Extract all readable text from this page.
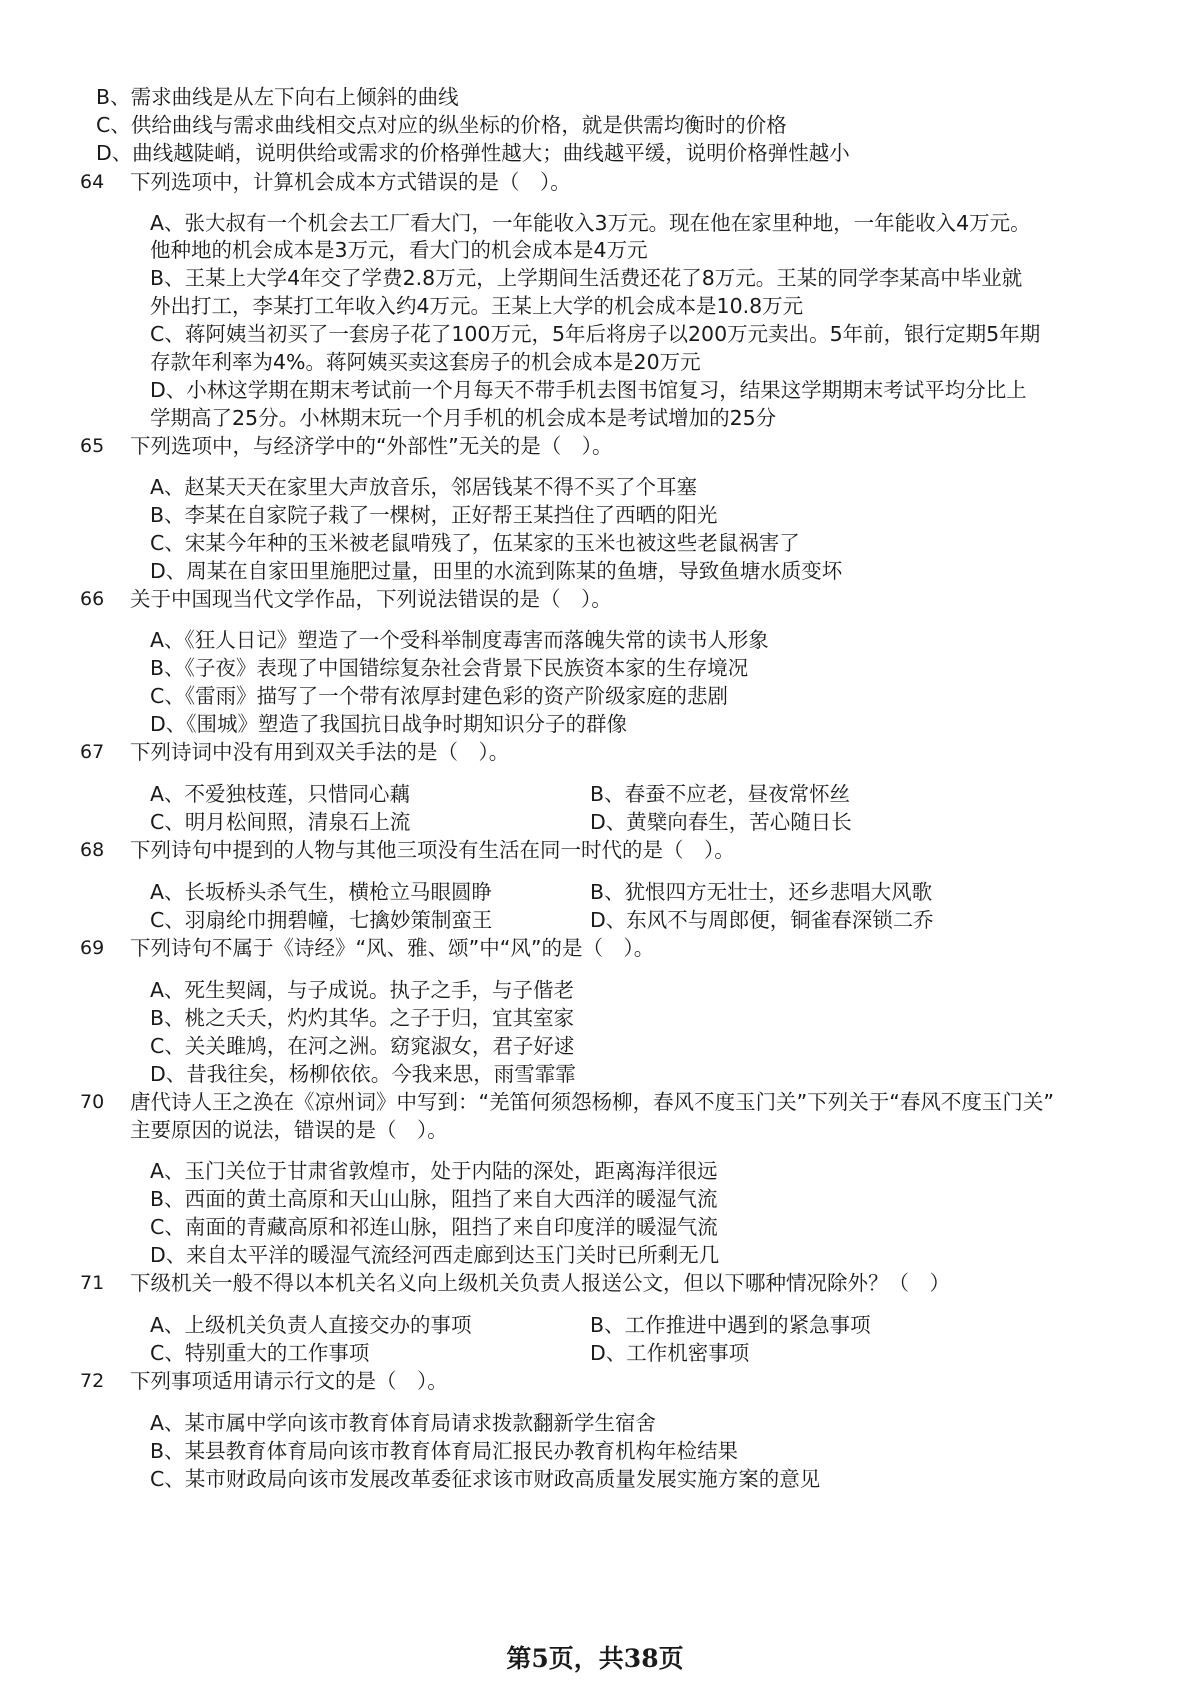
B、需求曲线是从左下向右上倾斜的曲线
C、供给曲线与需求曲线相交点对应的纵坐标的价格，就是供需均衡时的价格
D、曲线越陡峭，说明供给或需求的价格弹性越大；曲线越平缓，说明价格弹性越小
64 下列选项中，计算机会成本方式错误的是（　）。
A、张大叔有一个机会去工厂看大门，一年能收入3万元。现在他在家里种地，一年能收入4万元。
他种地的机会成本是3万元，看大门的机会成本是4万元
B、王某上大学4年交了学费2.8万元，上学期间生活费还花了8万元。王某的同学李某高中毕业就
外出打工，李某打工年收入约4万元。王某上大学的机会成本是10.8万元
C、蒋阿姨当初买了一套房子花了100万元，5年后将房子以200万元卖出。5年前，银行定期5年期
存款年利率为4%。蒋阿姨买卖这套房子的机会成本是20万元
D、小林这学期在期末考试前一个月每天不带手机去图书馆复习，结果这学期期末考试平均分比上
学期高了25分。小林期末玩一个月手机的机会成本是考试增加的25分
65 下列选项中，与经济学中的“外部性”无关的是（　）。
A、赵某天天在家里大声放音乐，邻居钱某不得不买了个耳塞
B、李某在自家院子栽了一棵树，正好帮王某挡住了西晒的阳光
C、宋某今年种的玉米被老鼠啃残了，伍某家的玉米也被这些老鼠祸害了
D、周某在自家田里施肥过量，田里的水流到陈某的鱼塘，导致鱼塘水质变坏
66 关于中国现当代文学作品，下列说法错误的是（　）。
A、《狂人日记》塑造了一个受科举制度毒害而落魄失常的读书人形象
B、《子夜》表现了中国错综复杂社会背景下民族资本家的生存境况
C、《雷雨》描写了一个带有浓厚封建色彩的资产阶级家庭的悲剧
D、《围城》塑造了我国抗日战争时期知识分子的群像
67 下列诗词中没有用到双关手法的是（　）。
A、不爱独枝莲，只惜同心藕	B、春蚕不应老，昼夜常怀丝
C、明月松间照，清泉石上流	D、黄檗向春生，苦心随日长
68 下列诗句中提到的人物与其他三项没有生活在同一时代的是（　）。
A、长坂桥头杀气生，横枪立马眼圆睁	B、犹恨四方无壮士，还乡悲唱大风歌
C、羽扇纶巾拥碧幢，七擒妙策制蛮王	D、东风不与周郎便，铜雀春深锁二乔
69 下列诗句不属于《诗经》“风、雅、颂”中“风”的是（　）。
A、死生契阔，与子成说。执子之手，与子偕老
B、桃之夭夭，灼灼其华。之子于归，宜其室家
C、关关雎鸠，在河之洲。窈窕淑女，君子好逑
D、昔我往矣，杨柳依依。今我来思，雨雪霏霏
70 唐代诗人王之涣在《凉州词》中写到：“羌笛何须怨杨柳，春风不度玉门关”下列关于“春风不度玉门关”
主要原因的说法，错误的是（　）。
A、玉门关位于甘肃省敦煌市，处于内陆的深处，距离海洋很远
B、西面的黄土高原和天山山脉，阻挡了来自大西洋的暖湿气流
C、南面的青藏高原和祁连山脉，阻挡了来自印度洋的暖湿气流
D、来自太平洋的暖湿气流经河西走廊到达玉门关时已所剩无几
71 下级机关一般不得以本机关名义向上级机关负责人报送公文，但以下哪种情况除外？（　）
A、上级机关负责人直接交办的事项	B、工作推进中遇到的紧急事项
C、特别重大的工作事项	D、工作机密事项
72 下列事项适用请示行文的是（　）。
A、某市属中学向该市教育体育局请求拨款翻新学生宿舍
B、某县教育体育局向该市教育体育局汇报民办教育机构年检结果
C、某市财政局向该市发展改革委征求该市财政高质量发展实施方案的意见
第5页，共38页
